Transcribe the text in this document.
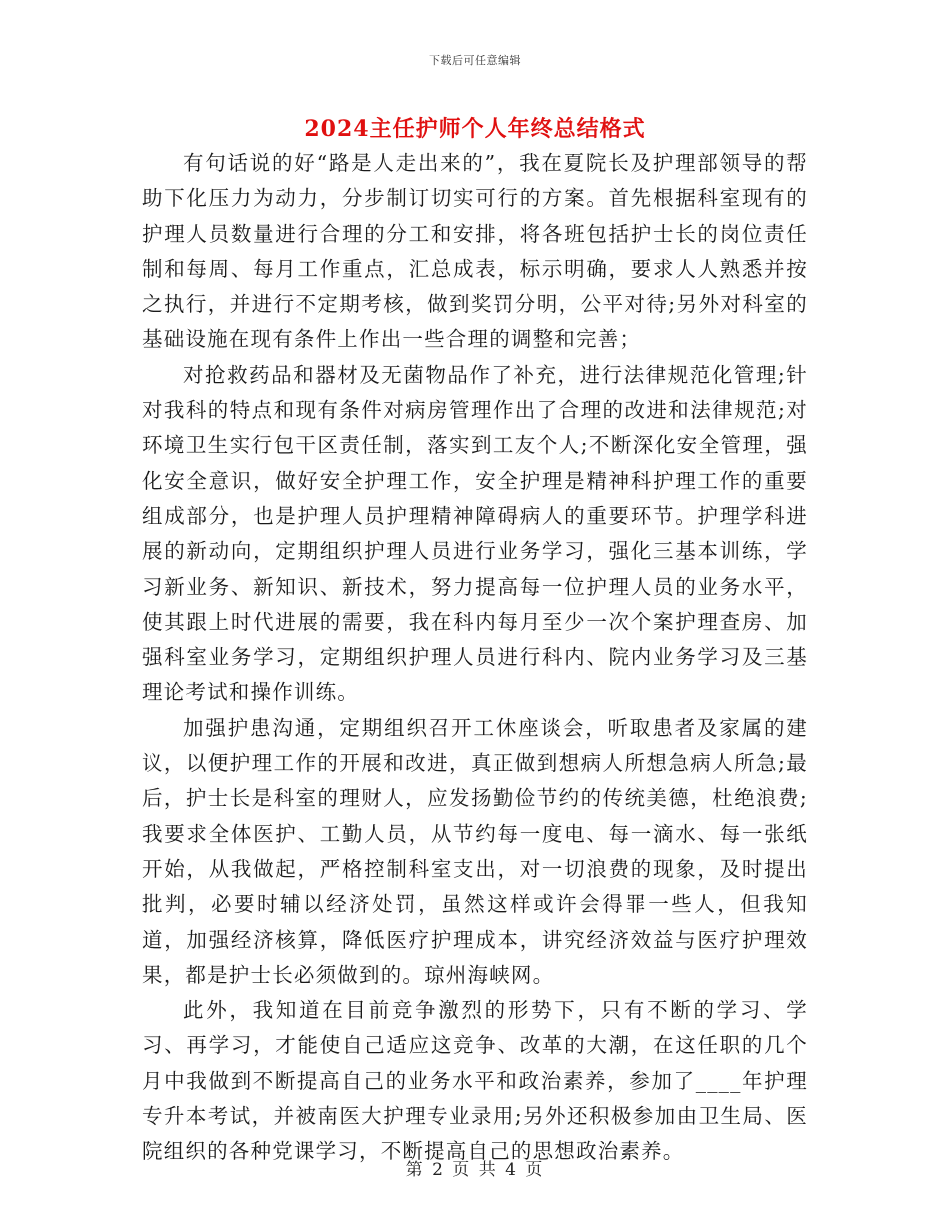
下载后可任意编辑
2024主任护师个人年终总结格式

有句话说的好“路是人走出来的”，我在夏院长及护理部领导的帮助下化压力为动力，分步制订切实可行的方案。首先根据科室现有的护理人员数量进行合理的分工和安排，将各班包括护士长的岗位责任制和每周、每月工作重点，汇总成表，标示明确，要求人人熟悉并按之执行，并进行不定期考核，做到奖罚分明，公平对待;另外对科室的基础设施在现有条件上作出一些合理的调整和完善；

对抢救药品和器材及无菌物品作了补充，进行法律规范化管理;针对我科的特点和现有条件对病房管理作出了合理的改进和法律规范;对环境卫生实行包干区责任制，落实到工友个人;不断深化安全管理，强化安全意识，做好安全护理工作，安全护理是精神科护理工作的重要组成部分，也是护理人员护理精神障碍病人的重要环节。护理学科进展的新动向，定期组织护理人员进行业务学习，强化三基本训练，学习新业务、新知识、新技术，努力提高每一位护理人员的业务水平，使其跟上时代进展的需要，我在科内每月至少一次个案护理查房、加强科室业务学习，定期组织护理人员进行科内、院内业务学习及三基理论考试和操作训练。

加强护患沟通，定期组织召开工休座谈会，听取患者及家属的建议，以便护理工作的开展和改进，真正做到想病人所想急病人所急;最后，护士长是科室的理财人，应发扬勤俭节约的传统美德，杜绝浪费;我要求全体医护、工勤人员，从节约每一度电、每一滴水、每一张纸开始，从我做起，严格控制科室支出，对一切浪费的现象，及时提出批判，必要时辅以经济处罚，虽然这样或许会得罪一些人，但我知道，加强经济核算，降低医疗护理成本，讲究经济效益与医疗护理效果，都是护士长必须做到的。琼州海峡网。

此外，我知道在目前竞争激烈的形势下，只有不断的学习、学习、再学习，才能使自己适应这竞争、改革的大潮，在这任职的几个月中我做到不断提高自己的业务水平和政治素养，参加了____年护理专升本考试，并被南医大护理专业录用;另外还积极参加由卫生局、医院组织的各种党课学习，不断提高自己的思想政治素养。

第 2 页 共 4 页
